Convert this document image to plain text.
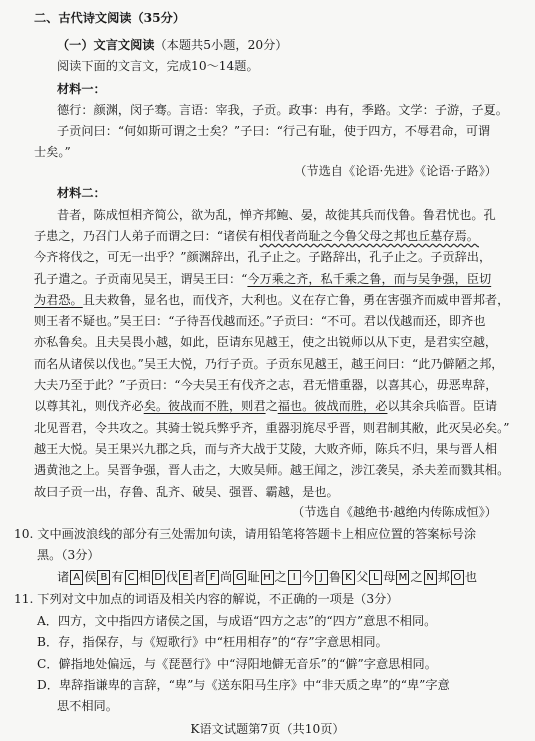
二、古代诗文阅读（35分）
（一）文言文阅读（本题共5小题，20分）
阅读下面的文言文，完成10～14题。
材料一：
德行：颜渊，闵子骞。言语：宰我，子贡。政事：冉有，季路。文学：子游，子夏。
子贡问曰：“何如斯可谓之士矣？”子曰：“行己有耻，使于四方，不辱君命，可谓
士矣。”
（节选自《论语·先进》《论语·子路》）
材料二：
昔者，陈成恒相齐简公，欲为乱，惮齐邦鲍、晏，故徙其兵而伐鲁。鲁君忧也。孔
子患之，乃召门人弟子而谓之曰：“诸侯有相伐者尚耻之今鲁父母之邦也丘墓存焉。
今齐将伐之，可无一出乎？”颜渊辞出，孔子止之。子路辞出，孔子止之。子贡辞出，
孔子遣之。子贡南见吴王，谓吴王曰：“今万乘之齐，私千乘之鲁，而与吴争强，臣切
为君恐。且夫救鲁，显名也，而伐齐，大利也。义在存亡鲁，勇在害强齐而威申晋邦者，
则王者不疑也。”吴王曰：“子待吾伐越而还。”子贡曰：“不可。君以伐越而还，即齐也
亦私鲁矣。且夫吴畏小越，如此，臣请东见越王，使之出锐师以从下吏，是君实空越，
而名从诸侯以伐也。”吴王大悦，乃行子贡。子贡东见越王，越王问曰：“此乃僻陋之邦，
大夫乃至于此？”子贡曰：“今夫吴王有伐齐之志，君无惜重器，以喜其心，毋恶卑辞，
以尊其礼，则伐齐必矣。彼战而不胜，则君之福也。彼战而胜，必以其余兵临晋。臣请
北见晋君，令共攻之。其骑士锐兵弊乎齐，重器羽旄尽乎晋，则君制其敝，此灭吴必矣。”
越王大悦。吴王果兴九郡之兵，而与齐大战于艾陵，大败齐师，陈兵不归，果与晋人相
遇黄池之上。吴晋争强，晋人击之，大败吴师。越王闻之，涉江袭吴，杀夫差而戮其相。
故曰子贡一出，存鲁、乱齐、破吴、强晋、霸越，是也。
（节选自《越绝书·越绝内传陈成恒》）
10. 文中画波浪线的部分有三处需加句读，请用铅笔将答题卡上相应位置的答案标号涂
黑。（3分）
诸 A 侯 B 有 C 相 D 伐 E 者 F 尚 G 耻 H 之 I 今 J 鲁 K 父 L 母 M 之 N 邦 O 也
11. 下列对文中加点的词语及相关内容的解说，不正确的一项是（3分）
A．四方，文中指四方诸侯之国，与成语“四方之志”的“四方”意思不相同。
B．存，指保存，与《短歌行》中“枉用相存”的“存”字意思相同。
C．僻指地处偏远，与《琵琶行》中“浔阳地僻无音乐”的“僻”字意思相同。
D．卑辞指谦卑的言辞，“卑”与《送东阳马生序》中“非天质之卑”的“卑”字意
思不相同。
K语文试题第7页（共10页）
